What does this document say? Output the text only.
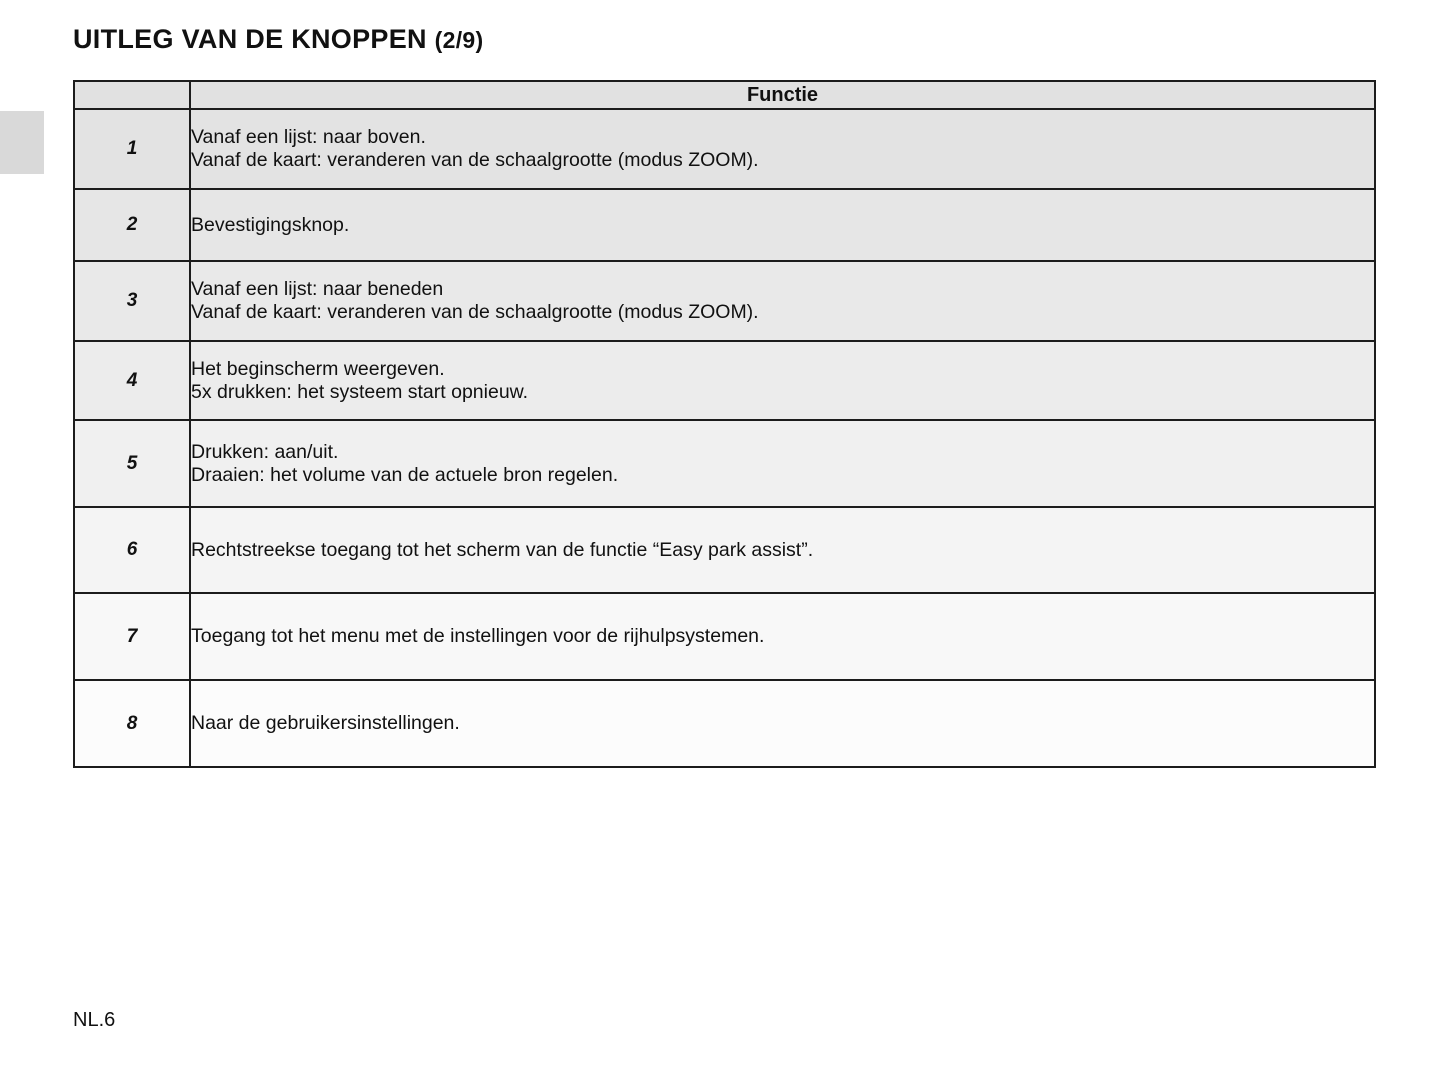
UITLEG VAN DE KNOPPEN (2/9)
	Functie
1	Vanaf een lijst: naar boven.
Vanaf de kaart: veranderen van de schaalgrootte (modus ZOOM).

2	Bevestigingsknop.

3	Vanaf een lijst: naar beneden
Vanaf de kaart: veranderen van de schaalgrootte (modus ZOOM).

4	Het beginscherm weergeven.
5x drukken: het systeem start opnieuw.

5	Drukken: aan/uit.
Draaien: het volume van de actuele bron regelen.

6	Rechtstreekse toegang tot het scherm van de functie “Easy park assist”.

7	Toegang tot het menu met de instellingen voor de rijhulpsystemen.

8	Naar de gebruikersinstellingen.
NL.6
